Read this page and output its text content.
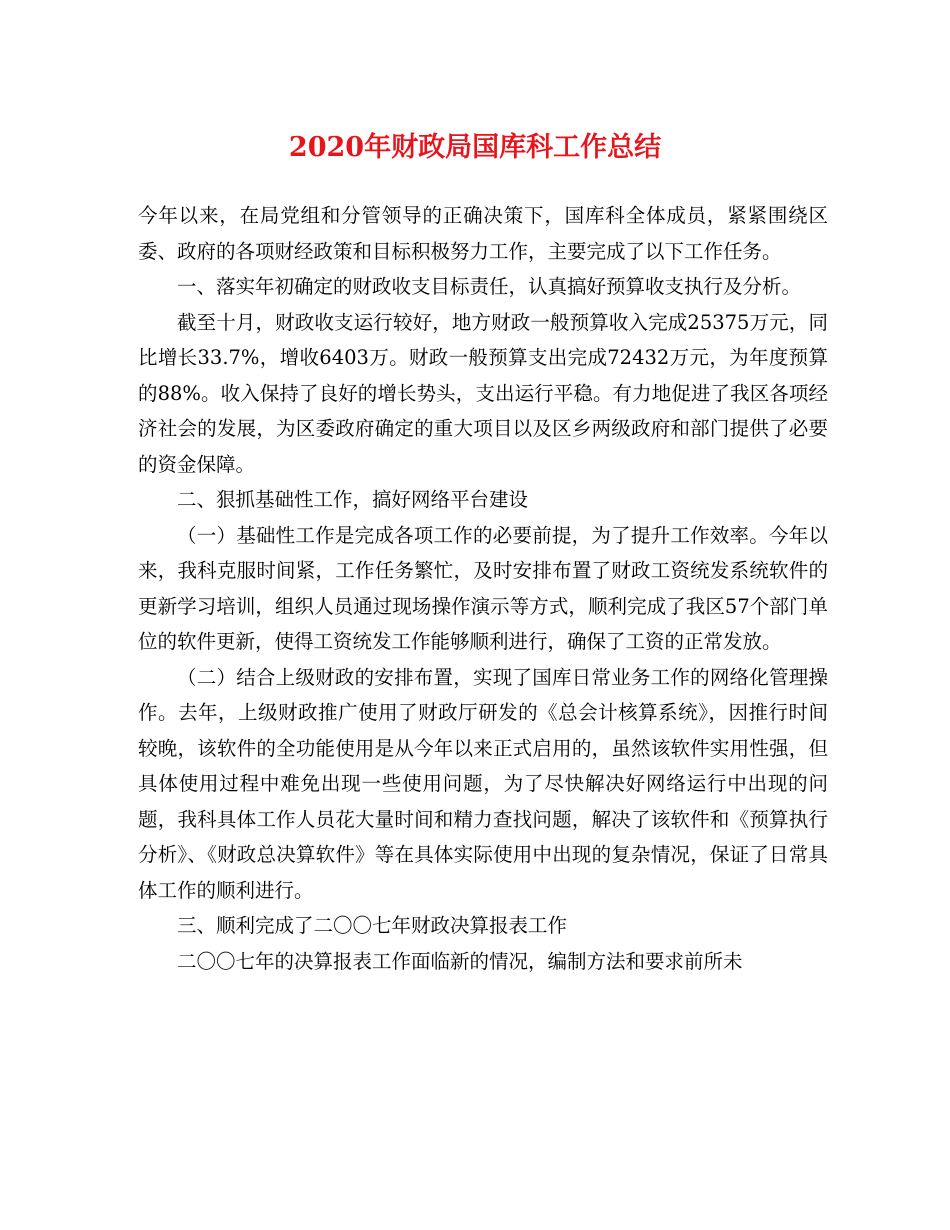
2020年财政局国库科工作总结

今年以来，在局党组和分管领导的正确决策下，国库科全体成员，紧紧围绕区委、政府的各项财经政策和目标积极努力工作，主要完成了以下工作任务。

一、落实年初确定的财政收支目标责任，认真搞好预算收支执行及分析。

截至十月，财政收支运行较好，地方财政一般预算收入完成25375万元，同比增长33.7%，增收6403万。财政一般预算支出完成72432万元，为年度预算的88%。收入保持了良好的增长势头，支出运行平稳。有力地促进了我区各项经济社会的发展，为区委政府确定的重大项目以及区乡两级政府和部门提供了必要的资金保障。

二、狠抓基础性工作，搞好网络平台建设

（一）基础性工作是完成各项工作的必要前提，为了提升工作效率。今年以来，我科克服时间紧，工作任务繁忙，及时安排布置了财政工资统发系统软件的更新学习培训，组织人员通过现场操作演示等方式，顺利完成了我区57个部门单位的软件更新，使得工资统发工作能够顺利进行，确保了工资的正常发放。

（二）结合上级财政的安排布置，实现了国库日常业务工作的网络化管理操作。去年，上级财政推广使用了财政厅研发的《总会计核算系统》，因推行时间较晚，该软件的全功能使用是从今年以来正式启用的，虽然该软件实用性强，但具体使用过程中难免出现一些使用问题，为了尽快解决好网络运行中出现的问题，我科具体工作人员花大量时间和精力查找问题，解决了该软件和《预算执行分析》、《财政总决算软件》等在具体实际使用中出现的复杂情况，保证了日常具体工作的顺利进行。

三、顺利完成了二〇〇七年财政决算报表工作

二〇〇七年的决算报表工作面临新的情况，编制方法和要求前所未
